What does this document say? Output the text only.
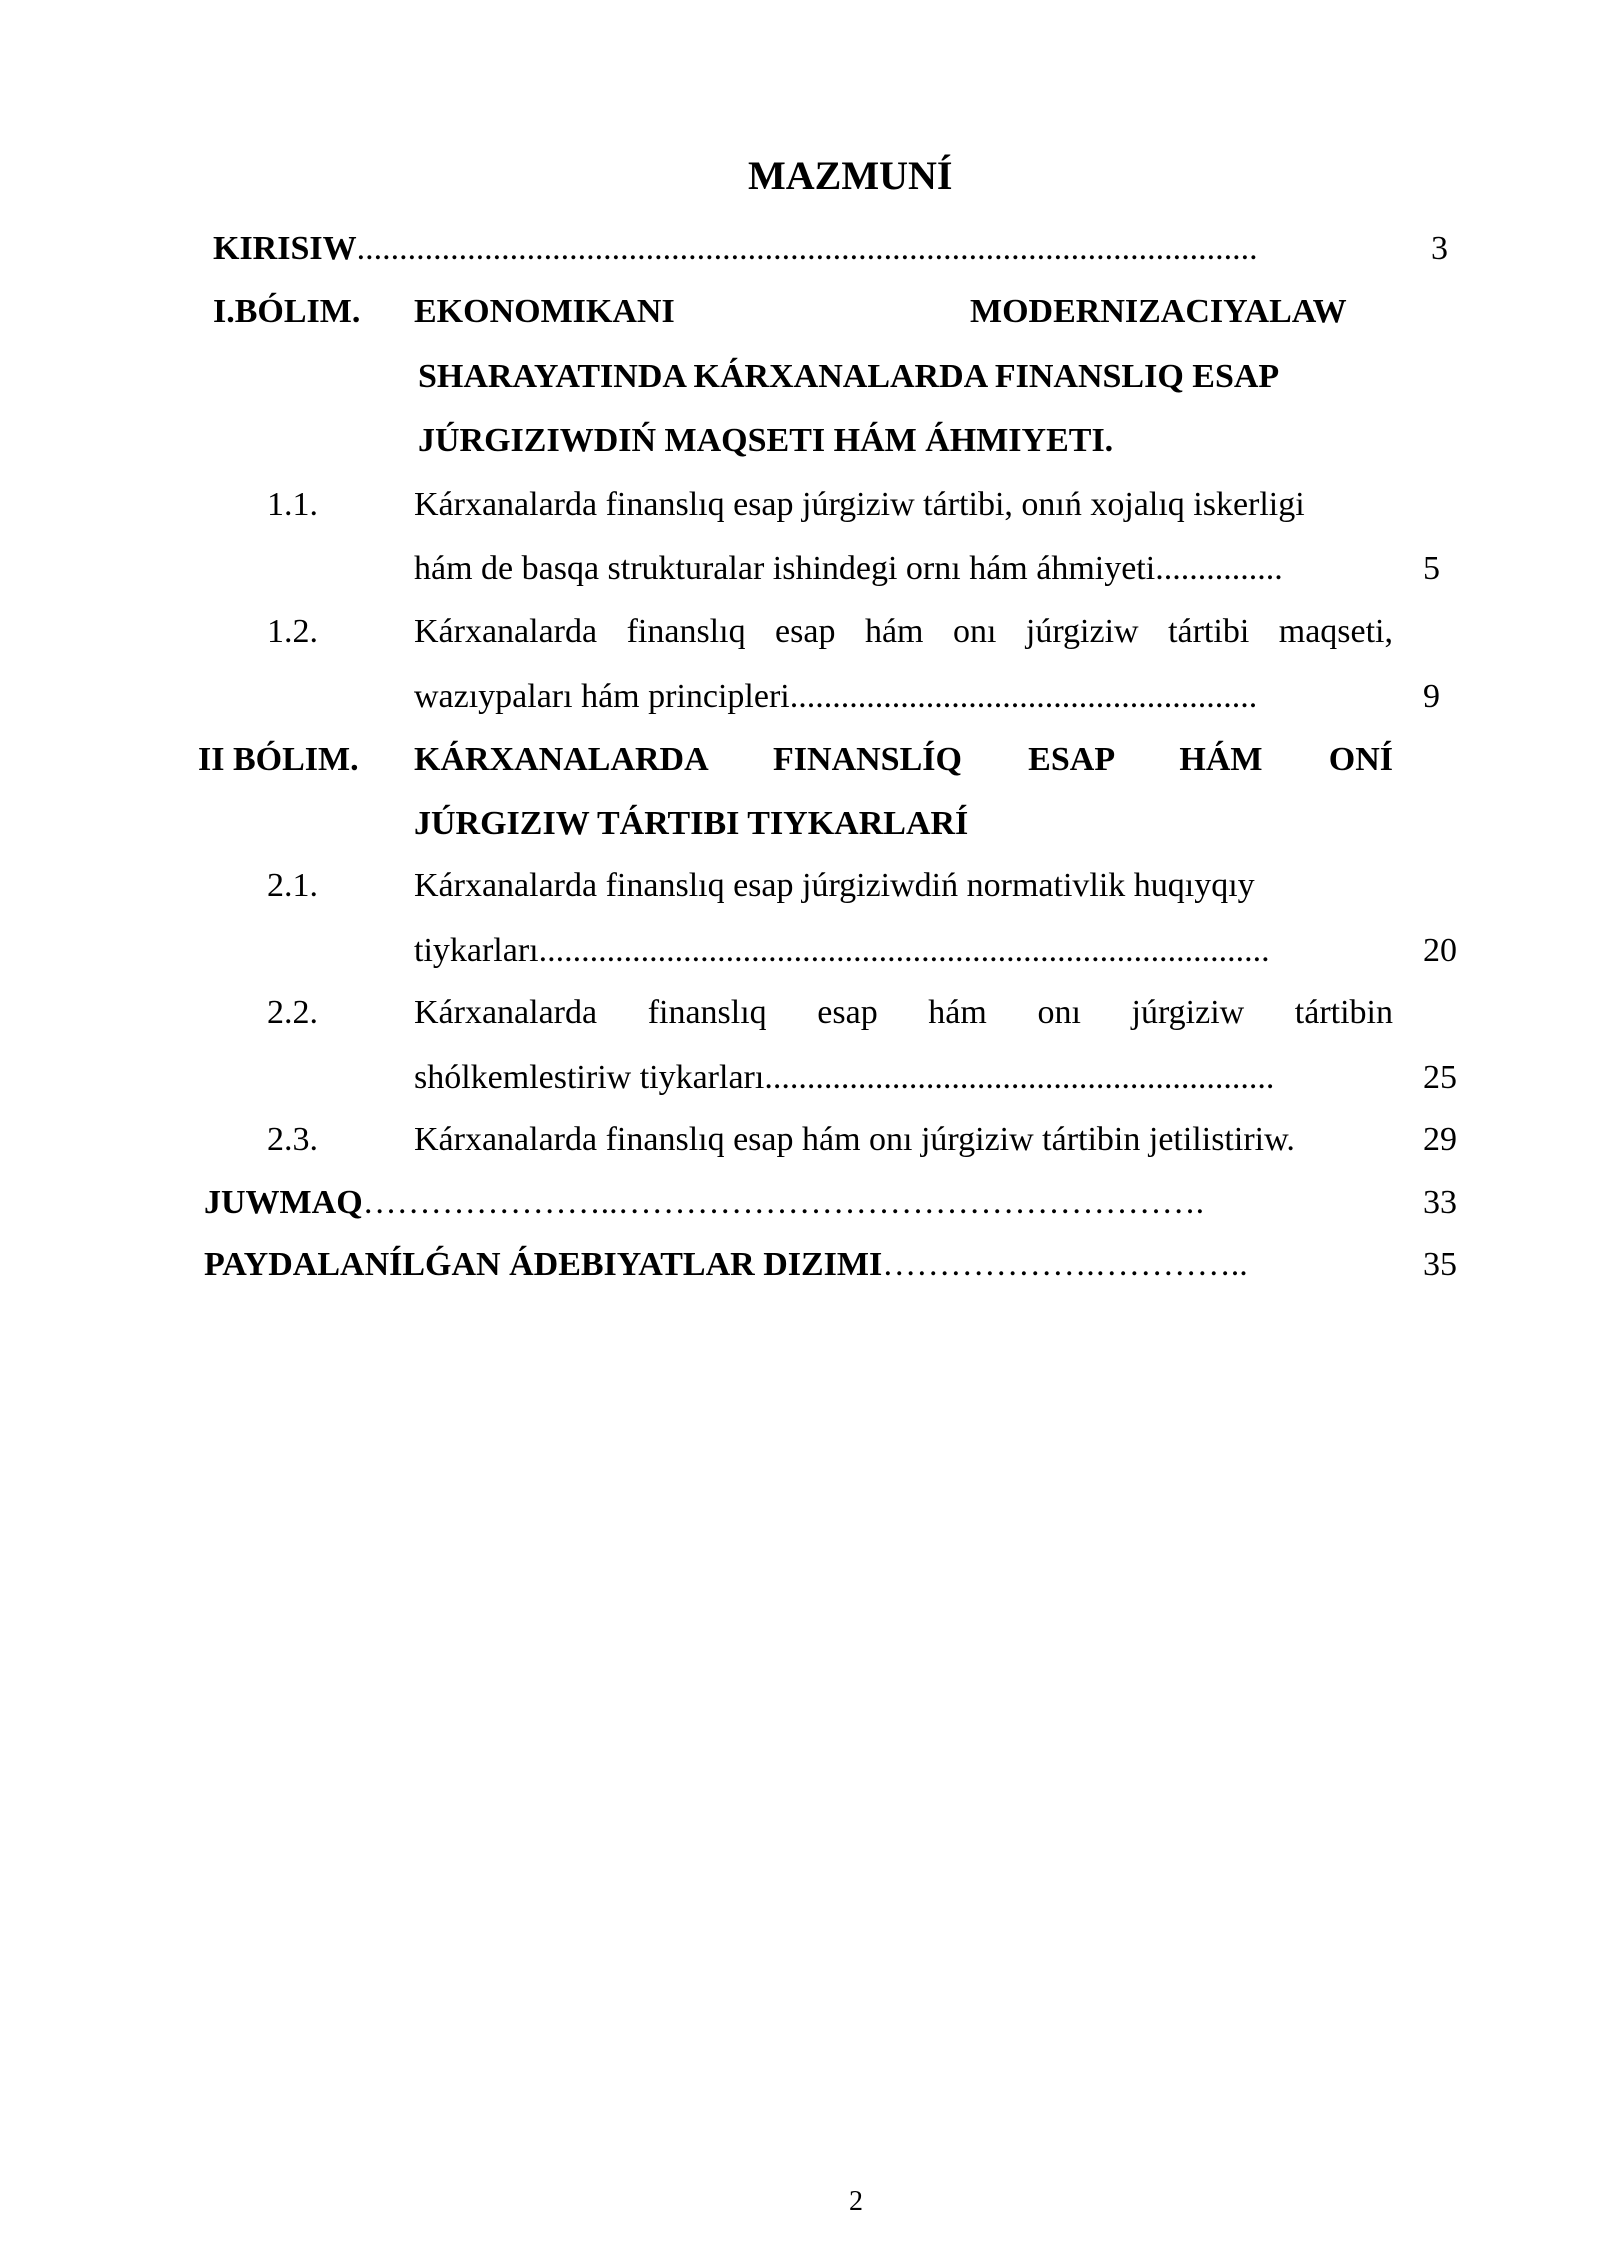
MAZMUNÍ
KIRISIW..........................................................................................................	3
I.BÓLIM. EKONOMIKANI	MODERNIZACIYALAW
SHARAYATINDA KÁRXANALARDA FINANSLIQ ESAP
JÚRGIZIWDIŃ MAQSETI HÁM ÁHMIYETI.
1.1.	Kárxanalarda finanslıq esap júrgiziw tártibi, onıń xojalıq iskerligi
hám de basqa strukturalar ishindegi ornı hám áhmiyeti...............	5
1.2.	Kárxanalarda finanslıq esap hám onı júrgiziw tártibi maqseti,
wazıypaları hám principleri.......................................................	9
II BÓLIM. KÁRXANALARDA FINANSLÍQ ESAP HÁM ONÍ
JÚRGIZIW TÁRTIBI TIYKARLARÍ
2.1.	Kárxanalarda finanslıq esap júrgiziwdiń normativlik huqıyqıy
tiykarları......................................................................................	20
2.2.	Kárxanalarda finanslıq esap hám onı júrgiziw tártibin
shólkemlestiriw tiykarları............................................................	25
2.3.	Kárxanalarda finanslıq esap hám onı júrgiziw tártibin jetilistiriw.	29
JUWMAQ…………………..…………………………………………….	33
PAYDALANÍLǴAN ÁDEBIYATLAR DIZIMI……………….…………..	35
2
